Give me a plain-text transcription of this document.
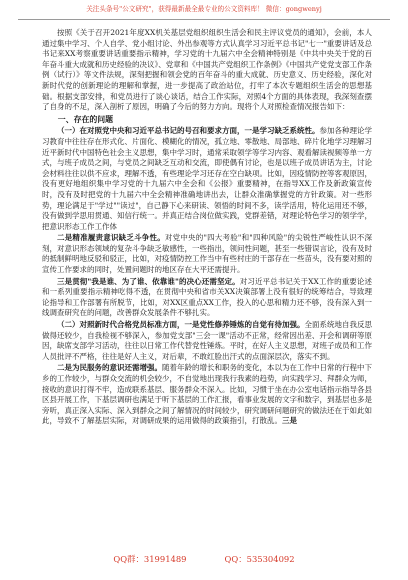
关注头条号"公文研究"，获得最新最全最专业的公文资料库！ 微信：gongwenyj

按照《关于召开2021年度XX机关基层党组织组织生活会和民主评议党员的通知》，会前，本人通过集中学习、个人自学、党小组讨论、外出参观等方式认真学习习近平总书记"七一"重要讲话及总书记来XX考察重要讲话重要指示精神，学习党的十九届六中全会精神特别是《中共中央关于党的百年奋斗重大成就和历史经验的决议》、党章和《中国共产党组织工作条例》《中国共产党党支部工作条例（试行）》等文件法规，深刻把握和领会党的百年奋斗的重大成就、历史意义、历史经验，深化对新时代党的创新理论的理解和掌握，进一步提高了政治站位，打牢了本次专题组织生活会的思想基础。根据支部安排，和党员进行了谈心谈话，结合工作实际，对照4个方面的具体表现，我深刻查摆了自身的不足，深入剖析了原因，明确了今后的努力方向。现将个人对照检查情况报告如下：

一、存在的问题

（一）在对照党中央和习近平总书记的号召和要求方面，一是学习缺乏系统性。参加各种理论学习教育中往往存在形式化、片面化、模糊化的情况，孤立地、零散地、局部地、碎片化地学习理解习近平新时代中国特色社会主义思想，集中学习时，通常采取领学等学习内容、观看解读视频等单一方式，与班子成员之间，与党员之间缺乏互动和交流，即使偶有讨论，也是以班子成员讲话为主，讨论会材料往往以供不应求，理解不透，有些理论学习还存在空白缺项。比如，因疫情防控等客观原因，没有更好地组织集中学习党的十九届六中全会和《公报》重要精神，在指导XX工作及新政策宣传时，没有及时把党的十九届六中全会精神准确地讲出去，让群众准确掌握党的方针政策。对一些形势，理论满足于"学过""读过"，自己静下心来研读、领悟的时间不多，读学活用，特化运用还不够，没有做到学思用贯通、知信行统一。并真正结合岗位做实践，党群差错，对理论特色学习的领学学，把意识形态工作工作体

二是精准履责意识缺乏斗争性。对党中央的"四大考验"和"四种风险"的尖锐性严峻性认识不深刻，对意识形态领域的复杂斗争缺乏敏感性，一些指出，领问性问题，甚至一些错误言论，没有及时的抵制鲜明地反驳和驳正，比如，对疫情防控工作当中有些村庄的干部存在一些苗头，没有要对照的宣传工作要求的同时，处置问题时的地区存在大平还需提升。

三是贯彻"我是谁、为了谁、依靠谁"的决心还需坚定。对习近平总书记关于XX工作的重要论述和一系列重要指示精神吃得不透，在贯彻中央和省市关XX决策部署上没有很好的统筹结合，导致理论指导和工作部署有所脱节，比如，对XX区重点XX工作，投入的心思和精力还不够，没有深入到一线调查研究在的问题，改善群众发展条件不够扎实。

（二）对照新时代合格党员标准方面，一是党性修养锤炼的自觉有待加强。全面系统地自我反思做得还较少，自我检视不够深入，参加党支部"三会一课"活动不正常，经常因出差、开会和调研等原因，缺席支部学习活动，往往以日常工作代替党性锤炼。平时，在好人主义思想，对班子成员和工作人员批评不严格，往往是好人主义，对后辈，不敢红脸出汗式的点面深层次，落实不到。

二是为民服务的意识还需增强。随着年龄的增长和职务的变化，本以为在工作中日常的行程中下乡的工作较少，与群众交流的机会较少，不自觉地出现我行我素的趋势，向实践学习、拜群众为师，接收的意识打得不牢，造成联系基层、服务群众不深入。比如，习惯于坐在办公室电话指示指导各县区县开展工作，下基层调研也满足于听下基层的工作汇报，看事业发展的文字和数字，到基层也多是旁听，真正深入实际、深入到群众之间了解情况的时间较少，研究调研问题研究的做法还在于如此如此，导致不了解基层实际，对调研成果的运用做得的政策指引，打散乱。三是

QQ群：31991489	QQ：535304092
